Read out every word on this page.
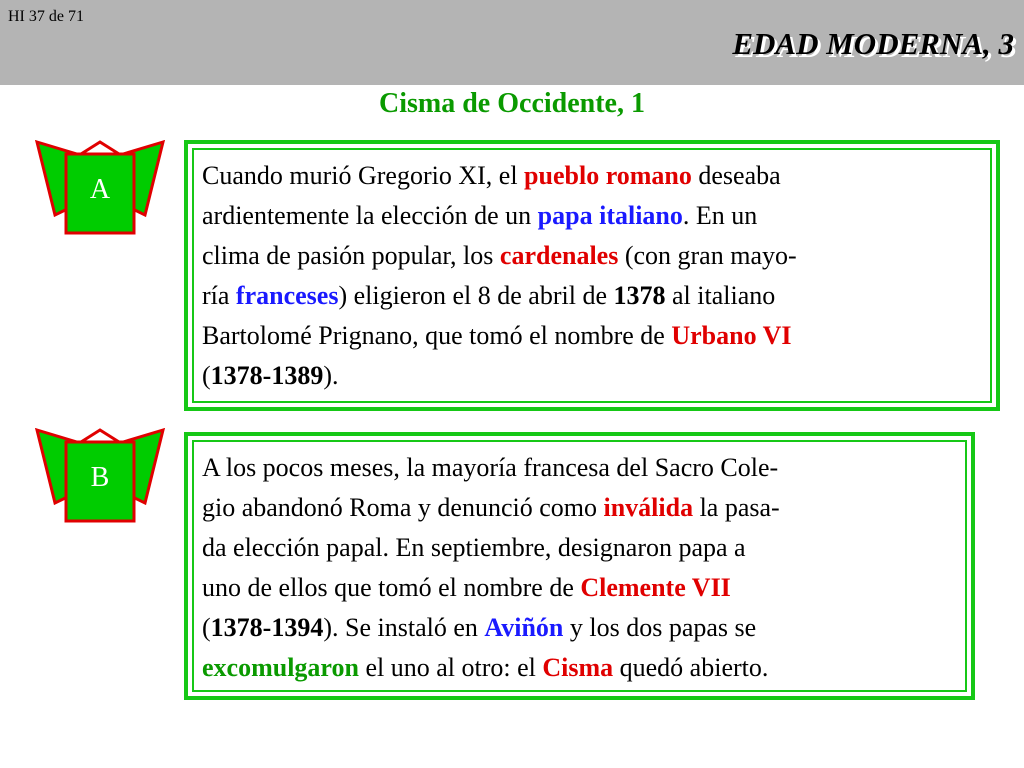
HI 37 de 71
EDAD MODERNA, 3
Cisma de Occidente, 1
A	Cuando murió Gregorio XI, el pueblo romano deseaba
ardientemente la elección de un papa italiano. En un
clima de pasión popular, los cardenales (con gran mayo-
ría franceses) eligieron el 8 de abril de 1378 al italiano
Bartolomé Prignano, que tomó el nombre de Urbano VI
(1378-1389).
B	A los pocos meses, la mayoría francesa del Sacro Cole-
gio abandonó Roma y denunció como inválida la pasa-
da elección papal. En septiembre, designaron papa a
uno de ellos que tomó el nombre de Clemente VII
(1378-1394). Se instaló en Aviñón y los dos papas se
excomulgaron el uno al otro: el Cisma quedó abierto.
